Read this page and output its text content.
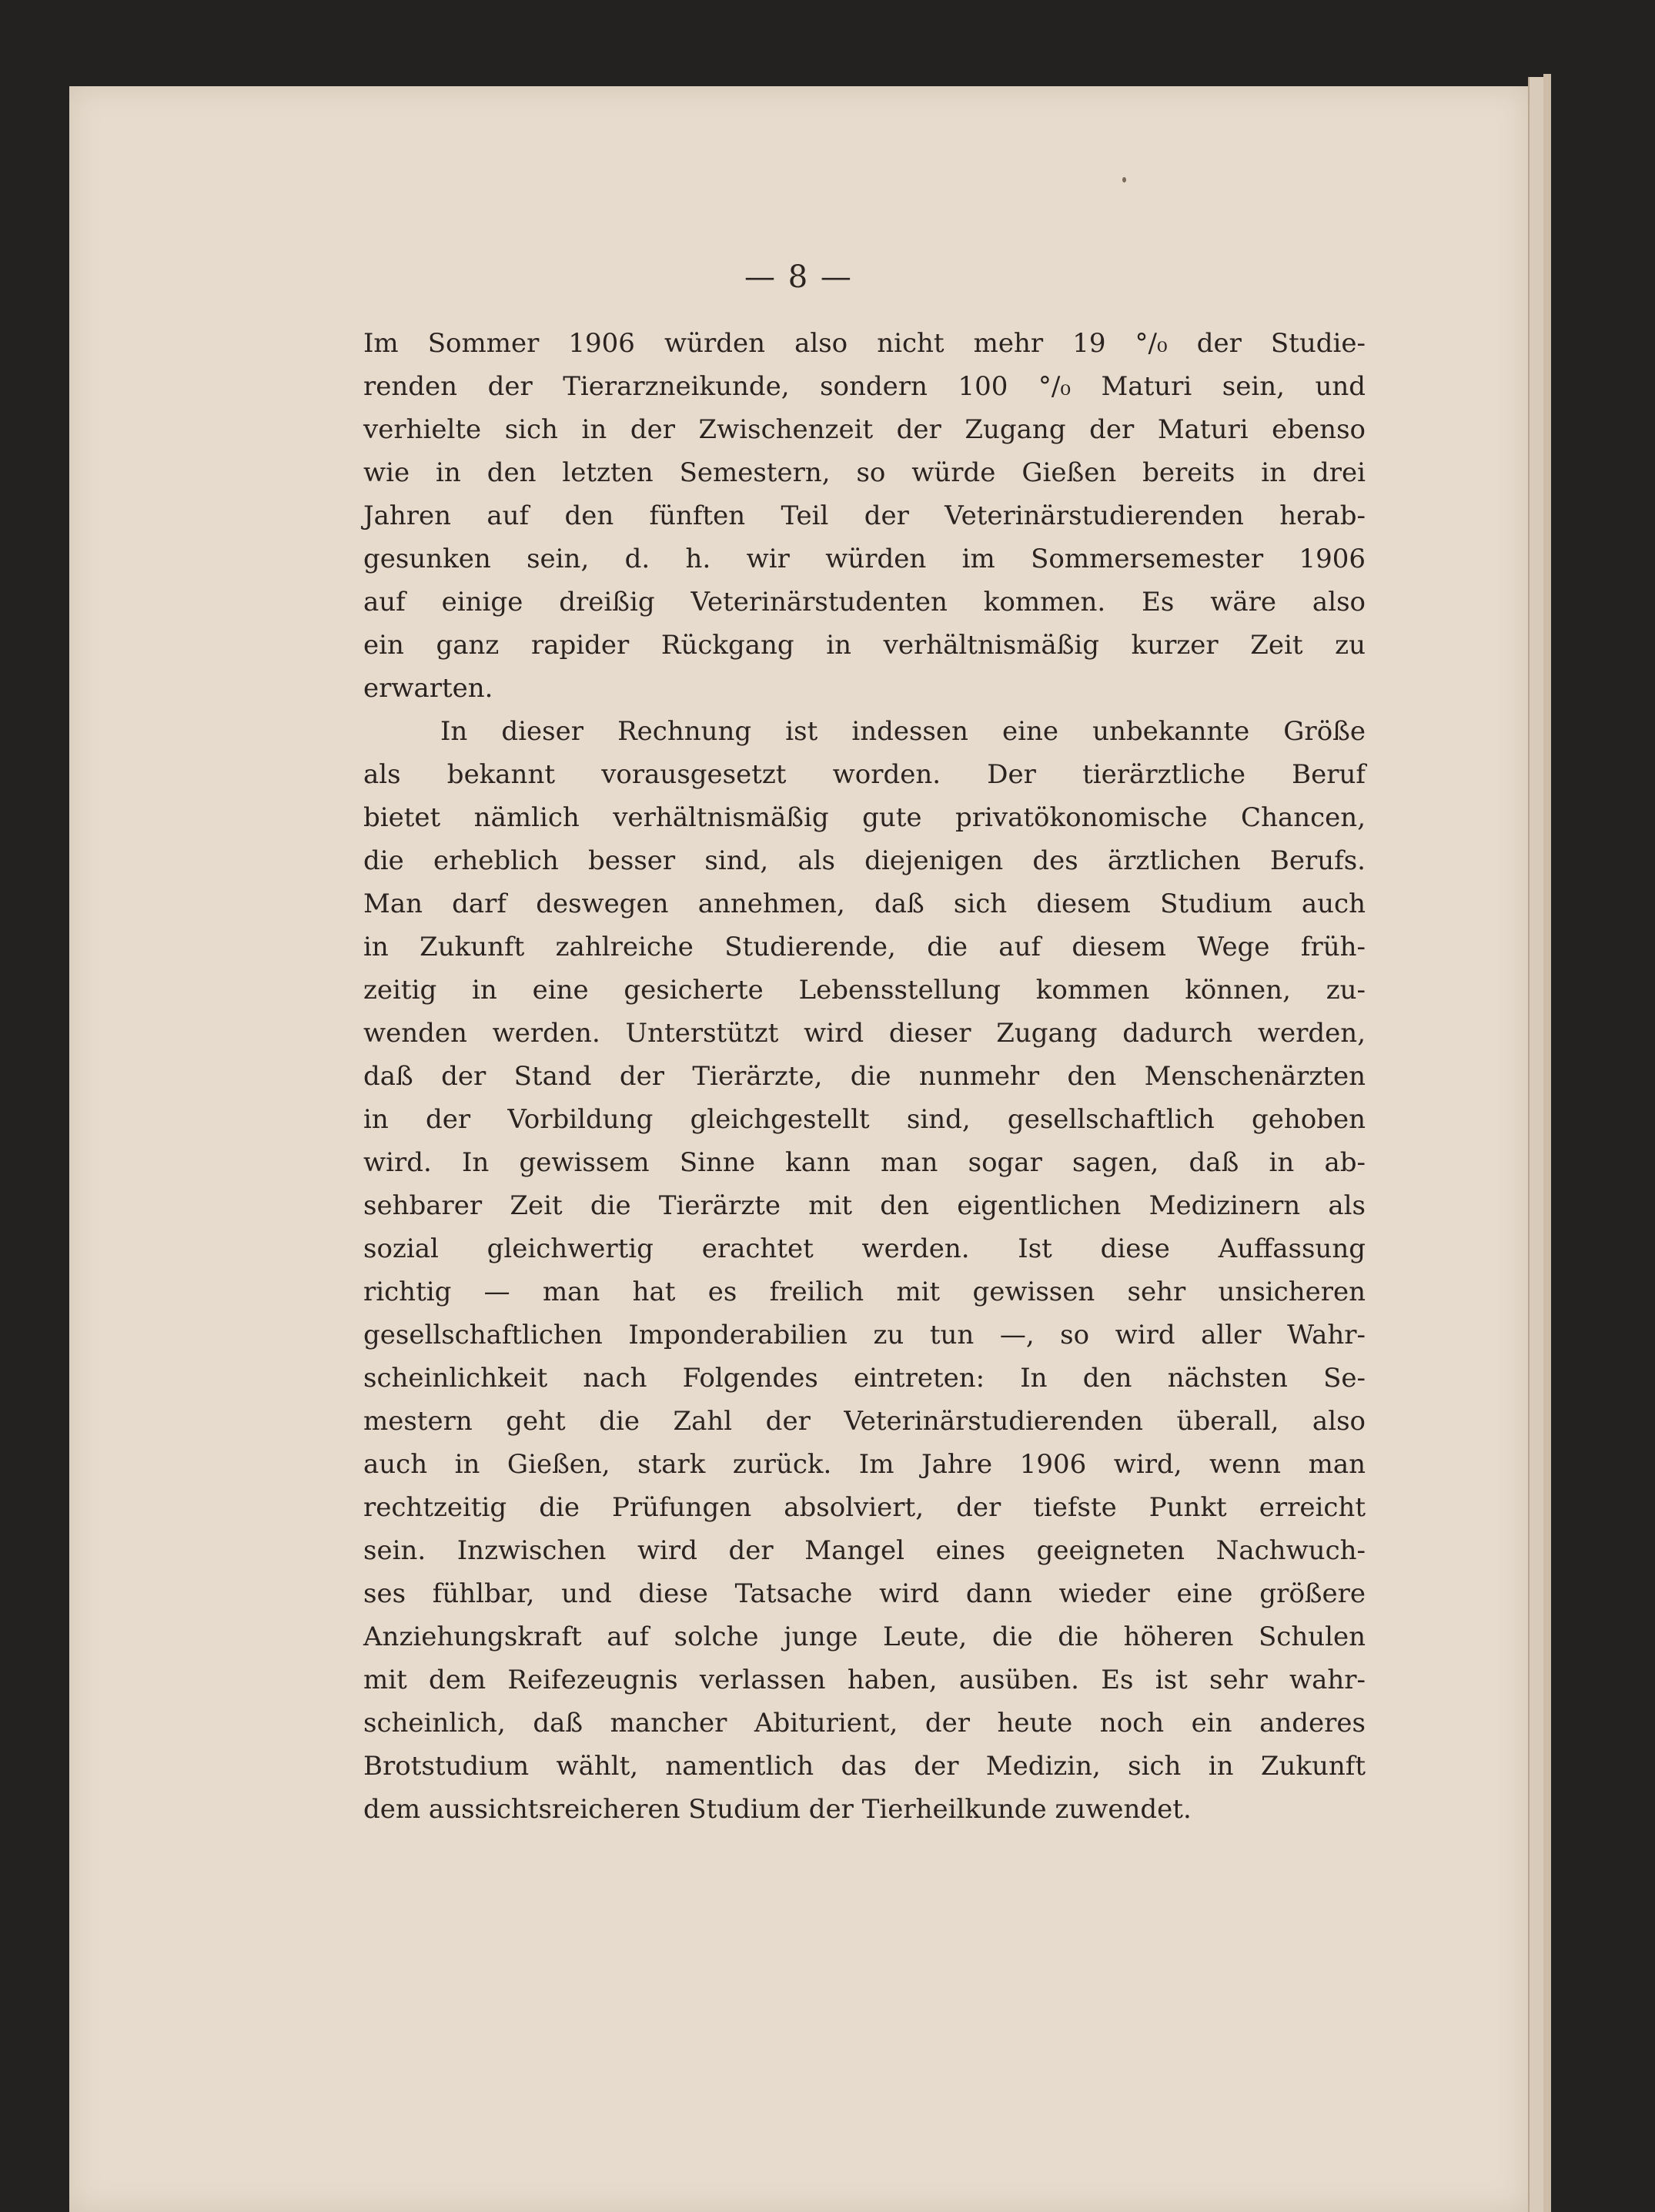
— 8 —
Im Sommer 1906 würden also nicht mehr 19 °/₀ der Studie-
renden der Tierarzneikunde, sondern 100 °/₀ Maturi sein, und
verhielte sich in der Zwischenzeit der Zugang der Maturi ebenso
wie in den letzten Semestern, so würde Gießen bereits in drei
Jahren auf den fünften Teil der Veterinärstudierenden herab-
gesunken sein, d. h. wir würden im Sommersemester 1906
auf einige dreißig Veterinärstudenten kommen. Es wäre also
ein ganz rapider Rückgang in verhältnismäßig kurzer Zeit zu
erwarten.
In dieser Rechnung ist indessen eine unbekannte Größe
als bekannt vorausgesetzt worden. Der tierärztliche Beruf
bietet nämlich verhältnismäßig gute privatökonomische Chancen,
die erheblich besser sind, als diejenigen des ärztlichen Berufs.
Man darf deswegen annehmen, daß sich diesem Studium auch
in Zukunft zahlreiche Studierende, die auf diesem Wege früh-
zeitig in eine gesicherte Lebensstellung kommen können, zu-
wenden werden. Unterstützt wird dieser Zugang dadurch werden,
daß der Stand der Tierärzte, die nunmehr den Menschenärzten
in der Vorbildung gleichgestellt sind, gesellschaftlich gehoben
wird. In gewissem Sinne kann man sogar sagen, daß in ab-
sehbarer Zeit die Tierärzte mit den eigentlichen Medizinern als
sozial gleichwertig erachtet werden. Ist diese Auffassung
richtig — man hat es freilich mit gewissen sehr unsicheren
gesellschaftlichen Imponderabilien zu tun —, so wird aller Wahr-
scheinlichkeit nach Folgendes eintreten: In den nächsten Se-
mestern geht die Zahl der Veterinärstudierenden überall, also
auch in Gießen, stark zurück. Im Jahre 1906 wird, wenn man
rechtzeitig die Prüfungen absolviert, der tiefste Punkt erreicht
sein. Inzwischen wird der Mangel eines geeigneten Nachwuch-
ses fühlbar, und diese Tatsache wird dann wieder eine größere
Anziehungskraft auf solche junge Leute, die die höheren Schulen
mit dem Reifezeugnis verlassen haben, ausüben. Es ist sehr wahr-
scheinlich, daß mancher Abiturient, der heute noch ein anderes
Brotstudium wählt, namentlich das der Medizin, sich in Zukunft
dem aussichtsreicheren Studium der Tierheilkunde zuwendet.
